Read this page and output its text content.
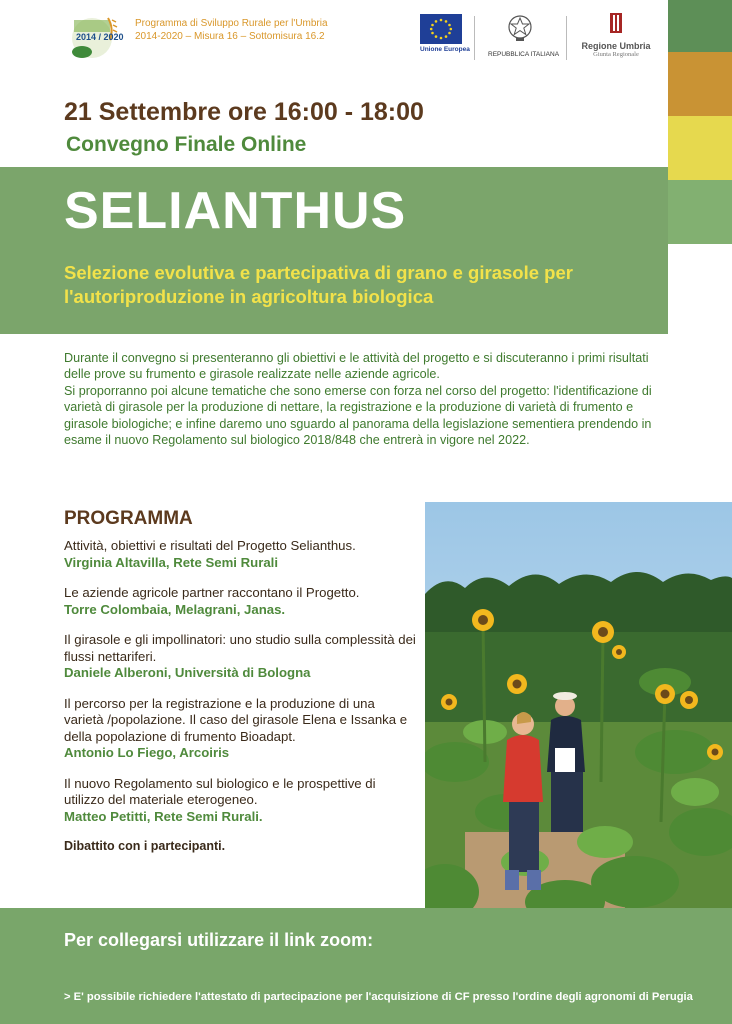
2014 / 2020
Programma di Sviluppo Rurale per l'Umbria
2014-2020 – Misura 16 – Sottomisura 16.2
Unione Europea
REPUBBLICA ITALIANA
Regione Umbria
Giunta Regionale
21 Settembre ore 16:00 - 18:00
Convegno Finale Online
SELIANTHUS
Selezione evolutiva e partecipativa di grano e girasole per l'autoriproduzione in agricoltura biologica

Durante il convegno si presenteranno gli obiettivi e le attività del progetto e si discuteranno i primi risultati delle prove su frumento e girasole realizzate nelle aziende agricole.

Si proporranno poi alcune tematiche che sono emerse con forza nel corso del progetto: l'identificazione di varietà di girasole per la produzione di nettare, la registrazione e la produzione di varietà di frumento e girasole biologiche; e infine daremo uno sguardo al panorama della legislazione sementiera prendendo in esame il nuovo Regolamento sul biologico 2018/848 che entrerà in vigore nel 2022.

PROGRAMMA
Attività, obiettivi e risultati del Progetto Selianthus.
Virginia Altavilla, Rete Semi Rurali
Le aziende agricole partner raccontano il Progetto.
Torre Colombaia, Melagrani, Janas.
Il girasole e gli impollinatori: uno studio sulla complessità dei flussi nettariferi.
Daniele Alberoni, Università di Bologna
Il percorso per la registrazione e la produzione di una varietà /popolazione. Il caso del girasole Elena e Issanka e della popolazione di frumento Bioadapt.
Antonio Lo Fiego, Arcoiris
Il nuovo Regolamento sul biologico e le prospettive di utilizzo del materiale eterogeneo.
Matteo Petitti, Rete Semi Rurali.
Dibattito con i partecipanti.
Per collegarsi utilizzare il link zoom:
> E' possibile richiedere l'attestato di partecipazione per l'acquisizione di CF presso l'ordine degli agronomi di Perugia
